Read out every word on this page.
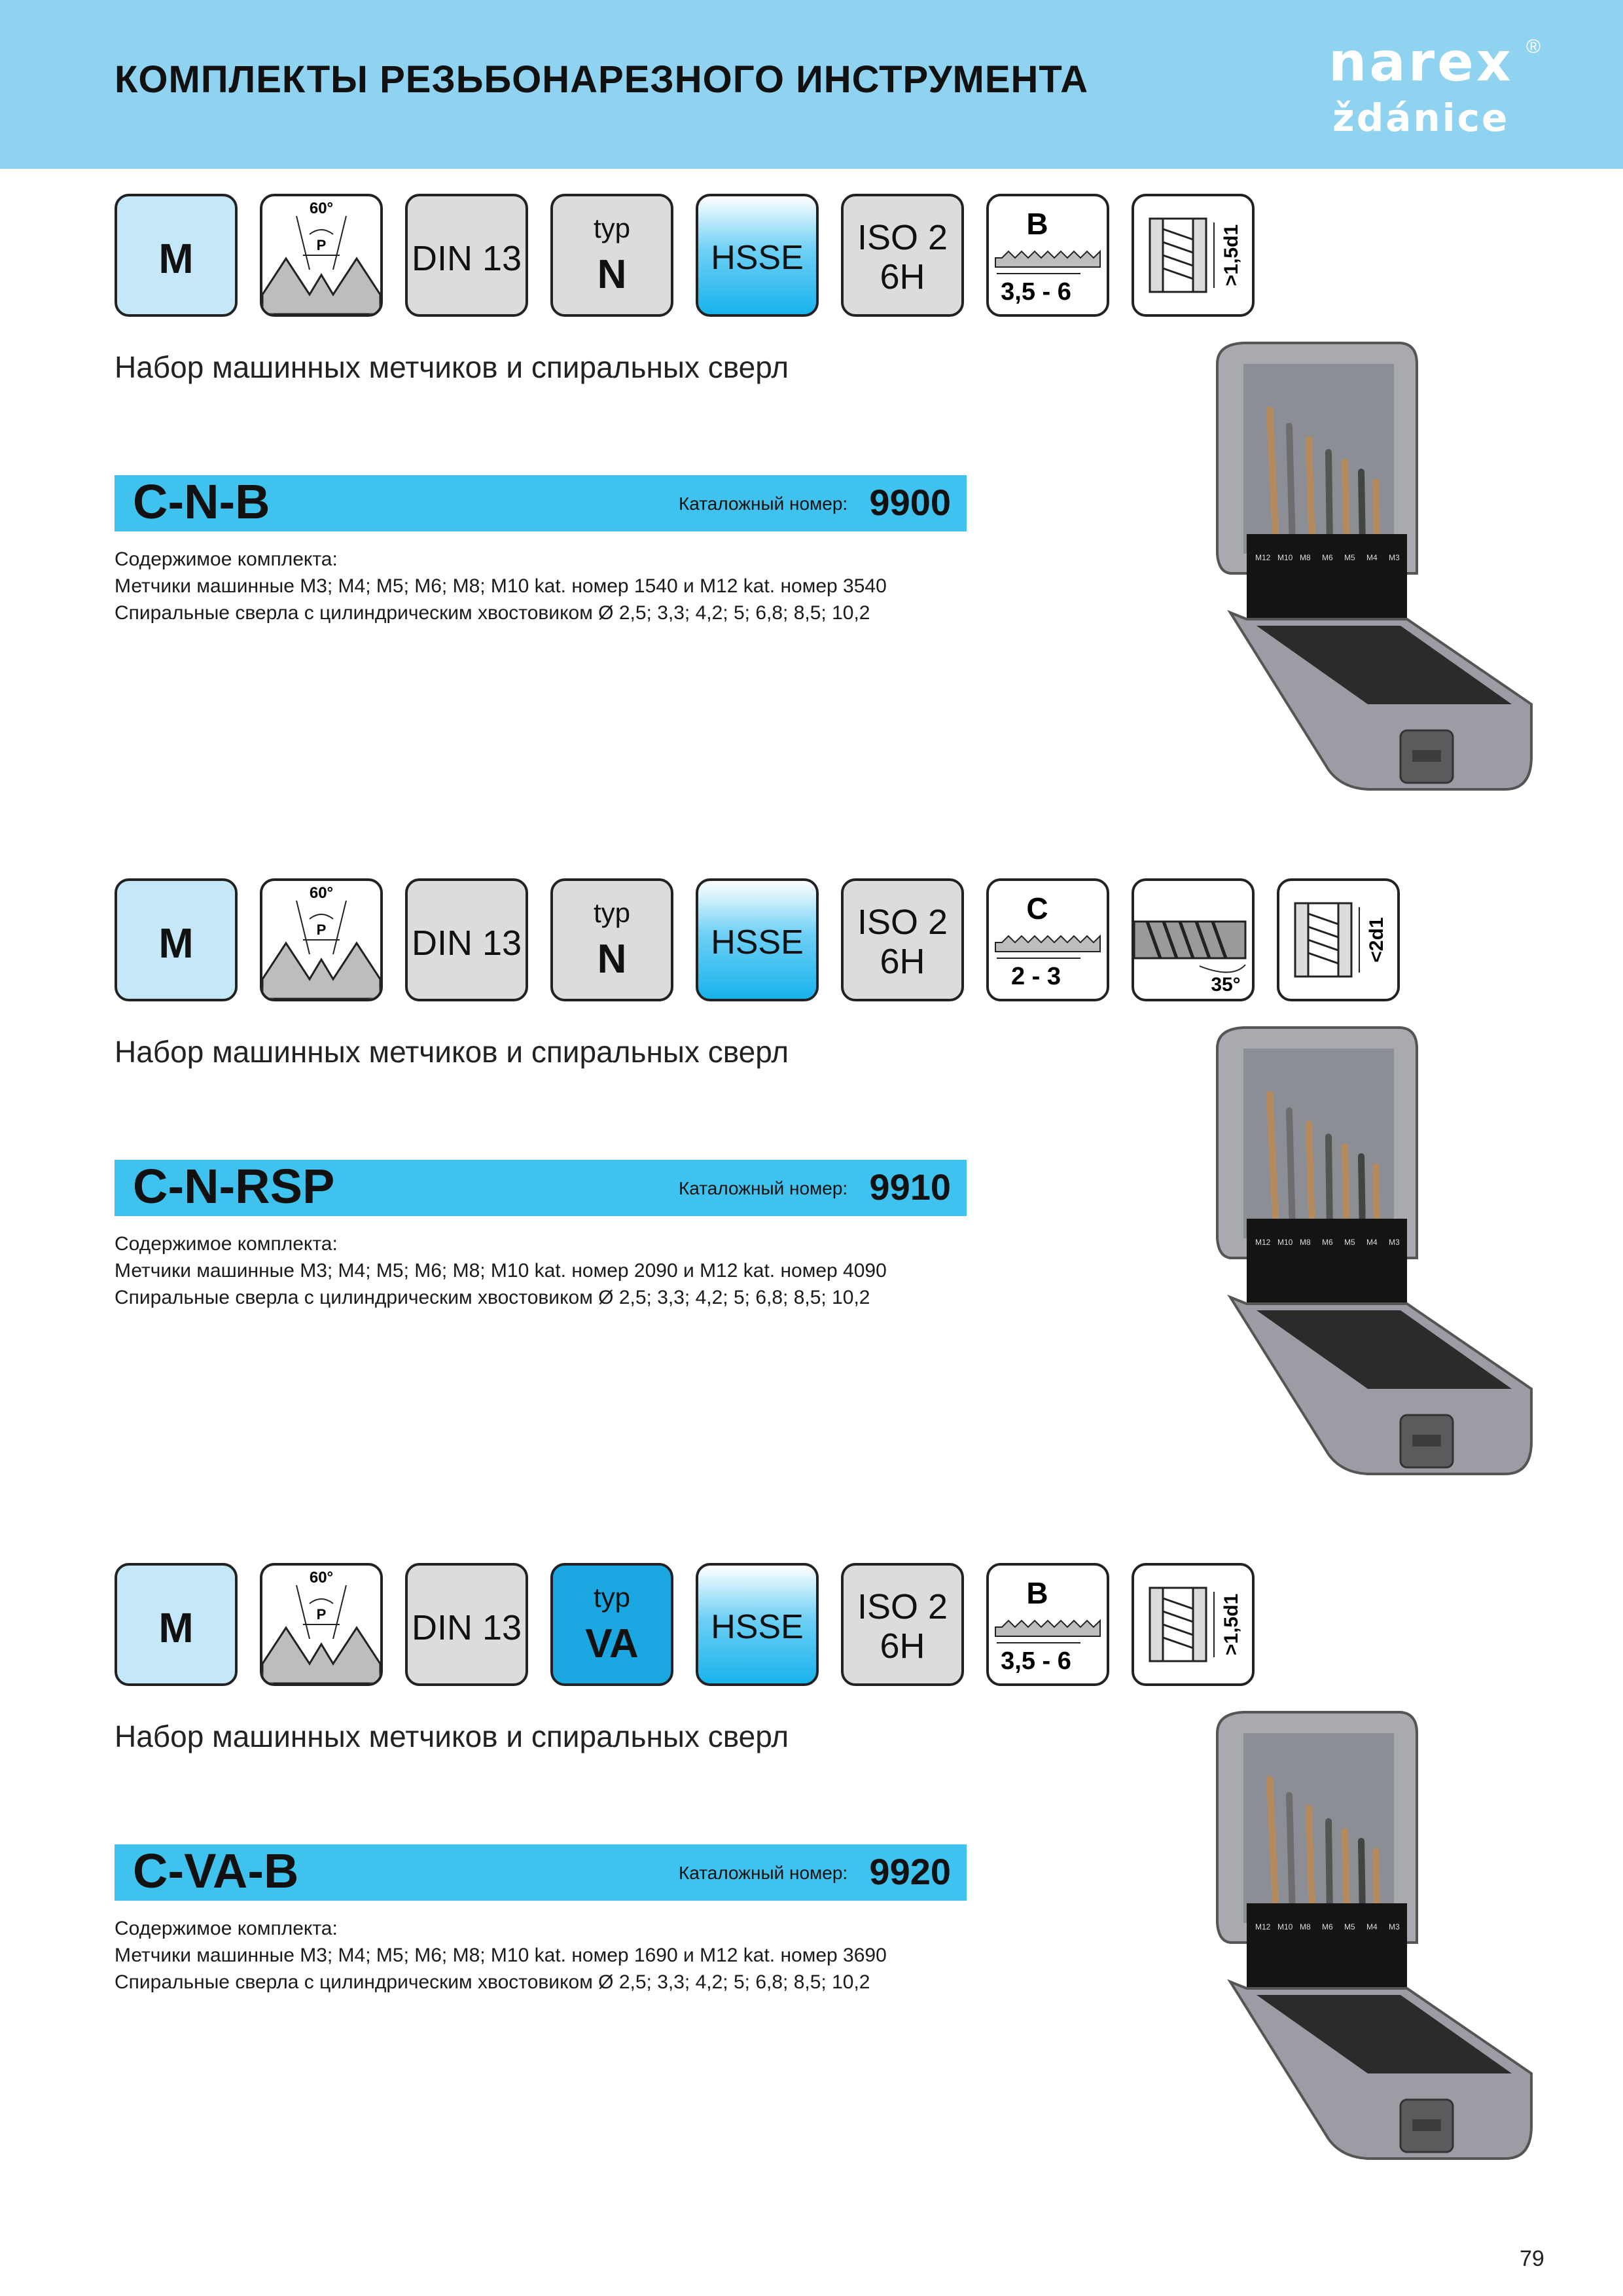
КОМПЛЕКТЫ РЕЗЬБОНАРЕЗНОГО ИНСТРУМЕНТА	narex ®
ždánice
M
60°
P DIN 13
typ
N	HSSE
ISO 2
6H
B
3,5 - 6
>1,5d1
Набор машинных метчиков и спиральных сверл
C-N-B	Каталожный номер: 9900
Содержимое комплекта:
Метчики машинные M3; M4; M5; M6; M8; M10 kat. номер 1540 и M12 kat. номер 3540
Спиральные сверла с цилиндрическим хвостовиком Ø 2,5; 3,3; 4,2; 5; 6,8; 8,5; 10,2
M12 M10 M8 M6 M5 M4 M3
M
60°
P DIN 13
typ
N	HSSE
ISO 2
6H
C
2 - 3	35°
<2d1
Набор машинных метчиков и спиральных сверл
C-N-RSP	Каталожный номер: 9910
Содержимое комплекта:
Метчики машинные M3; M4; M5; M6; M8; M10 kat. номер 2090 и M12 kat. номер 4090
Спиральные сверла с цилиндрическим хвостовиком Ø 2,5; 3,3; 4,2; 5; 6,8; 8,5; 10,2
M12 M10 M8 M6 M5 M4 M3
M
60°
P DIN 13
typ
VA	HSSE
ISO 2
6H
B
3,5 - 6
>1,5d1
Набор машинных метчиков и спиральных сверл
C-VA-B	Каталожный номер: 9920
Содержимое комплекта:
Метчики машинные M3; M4; M5; M6; M8; M10 kat. номер 1690 и M12 kat. номер 3690
Спиральные сверла с цилиндрическим хвостовиком Ø 2,5; 3,3; 4,2; 5; 6,8; 8,5; 10,2
M12 M10 M8 M6 M5 M4 M3
79
